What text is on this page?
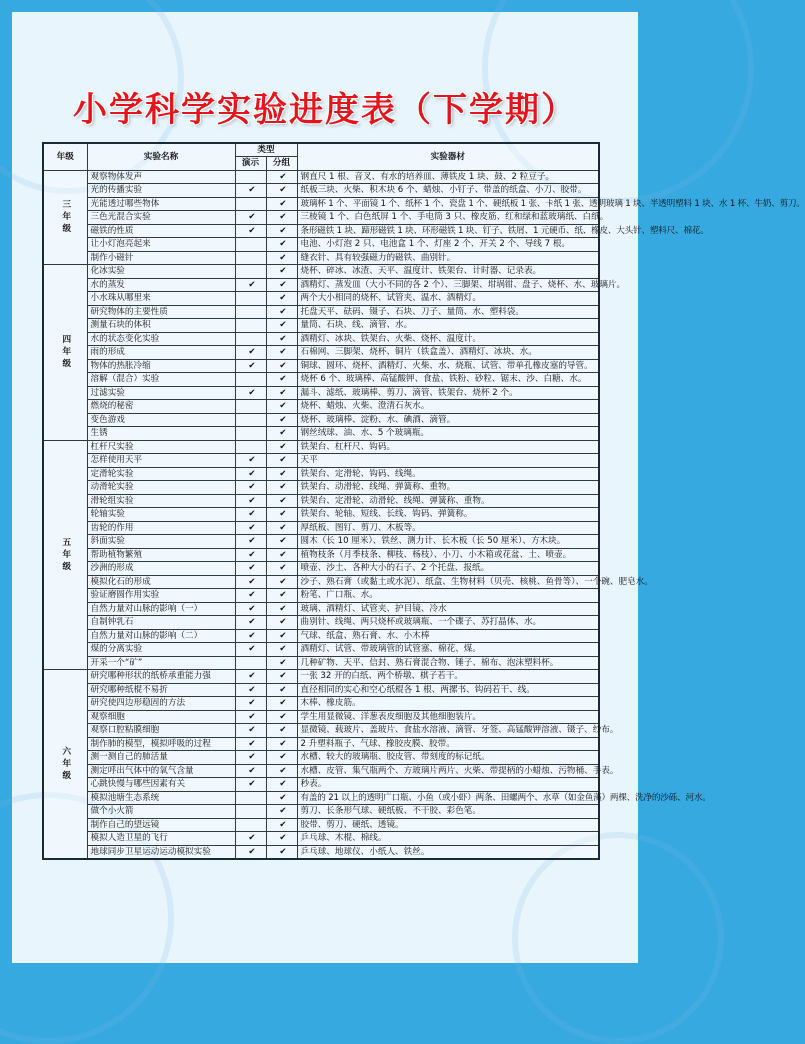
小学科学实验进度表（下学期）
年级	实验名称	类型		实验器材
		演示	分组	
三
年
级	观察物体发声		✔	钢直尺 1 根、音叉、有水的培养皿、薄铁皮 1 块、鼓、2 粒豆子。
	光的传播实验	✔	✔	纸板三块、火柴、积木块 6 个、蜡烛、小钉子、带盖的纸盒、小刀、胶带。
	光能透过哪些物体		✔	玻璃杯 1 个、平面镜 1 个、纸杯 1 个、瓷盘 1 个、硬纸板 1 张、卡纸 1 张、透明玻璃 1 块、半透明塑料 1 块、水 1 杯、牛奶、剪刀。
	三色光混合实验	✔	✔	三棱镜 1 个、白色纸屏 1 个、手电筒 3 只、橡皮筋、红和绿和蓝玻璃纸、白纸。
	磁铁的性质	✔	✔	条形磁铁 1 块、蹄形磁铁 1 块、环形磁铁 1 块、钉子、铁屑、1 元硬币、纸、橡皮、大头针、塑料尺、棉花。
	让小灯泡亮起来		✔	电池、小灯泡 2 只、电池盒 1 个、灯座 2 个、开关 2 个、导线 7 根。
	制作小磁针		✔	缝衣针、具有较强磁力的磁铁、曲别针。
四
年
级	化冰实验		✔	烧杯、碎冰、冰渣、天平、温度计、铁架台、计时器、记录表。
	水的蒸发	✔	✔	酒精灯、蒸发皿（大小不同的各 2 个）、三脚架、坩埚钳、盘子、烧杯、水、玻璃片。
	小水珠从哪里来		✔	两个大小相同的烧杯、试管夹、温水、酒精灯。
	研究物体的主要性质		✔	托盘天平、砝码、镊子、石块、刀子、量筒、水、塑料袋。
	测量石块的体积		✔	量筒、石块、线、滴管、水。
	水的状态变化实验		✔	酒精灯、冰块、铁架台、火柴、烧杯、温度计。
	雨的形成	✔	✔	石棉网、三脚架、烧杯、铜片（铁盒盖）、酒精灯、冰块、水。
	物体的热胀冷缩	✔	✔	铜球、圆环、烧杯、酒精灯、火柴、水、烧瓶、试管、带单孔橡皮塞的导管。
	溶解（混合）实验		✔	烧杯 6 个、玻璃棒、高锰酸钾、食盐、铁粉、砂粒、锯末、沙、白糖、水。
	过滤实验	✔	✔	漏斗、滤纸、玻璃棒、剪刀、滴管、铁架台、烧杯 2 个。
	燃烧的秘密		✔	烧杯、蜡烛、火柴、澄清石灰水。
	变色游戏		✔	烧杯、玻璃棒、淀粉、水、碘酒、滴管。
	生锈		✔	钢丝绒球、油、水、5 个玻璃瓶。
五
年
级	杠杆尺实验		✔	铁架台、杠杆尺、钩码。
	怎样使用天平	✔	✔	天平
	定滑轮实验	✔	✔	铁架台、定滑轮、钩码、线绳。
	动滑轮实验	✔	✔	铁架台、动滑轮、线绳、弹簧称、重物。
	滑轮组实验	✔	✔	铁架台、定滑轮、动滑轮、线绳、弹簧称、重物。
	轮轴实验	✔	✔	铁架台、轮轴、短线、长线、钩码、弹簧称。
	齿轮的作用	✔	✔	厚纸板、图钉、剪刀、木板等。
	斜面实验	✔	✔	圆木（长 10 厘米）、铁丝、测力计、长木板（长 50 厘米）、方木块。
	帮助植物繁殖	✔	✔	植物枝条（月季枝条、柳枝、杨枝）、小刀、小木箱或花盆、土、喷壶。
	沙洲的形成	✔	✔	喷壶、沙土、各种大小的石子、2 个托盘、报纸。
	模拟化石的形成	✔	✔	沙子、熟石膏（或黏土或水泥）、纸盒、生物材料（贝壳、核桃、鱼骨等）、一个碗、肥皂水。
	验证磨圆作用实验	✔	✔	粉笔、广口瓶、水。
	自然力量对山脉的影响（一）	✔	✔	玻璃、酒精灯、试管夹、护目镜、冷水
	自制钟乳石	✔	✔	曲别针、线绳、两只烧杯或玻璃瓶、一个碟子、苏打晶体、水。
	自然力量对山脉的影响（二）	✔	✔	气球、纸盒、熟石膏、水、小木棒
	煤的分离实验	✔	✔	酒精灯、试管、带玻璃管的试管塞、棉花、煤。
	开采一个“矿”		✔	几种矿物、天平、信封、熟石膏混合物、锤子、棉布、泡沫塑料杯。
六
年
级	研究哪种形状的纸桥承重能力强	✔	✔	一张 32 开的白纸、两个桥墩、棋子若干。
	研究哪种纸棍不易折	✔	✔	直径相同的实心和空心纸棍各 1 根、两摞书、钩码若干、线。
	研究使四边形稳固的方法	✔	✔	木棒、橡皮筋。
	观察细胞	✔	✔	学生用显微镜、洋葱表皮细胞及其他细胞装片。
	观察口腔粘膜细胞	✔	✔	显微镜、载玻片、盖玻片、食盐水溶液、滴管、牙签、高锰酸钾溶液、镊子、纱布。
	制作肺的模型，模拟呼吸的过程	✔	✔	2 升塑料瓶子、气球、橡胶皮膜、胶带。
	测一测自己的肺活量	✔	✔	水槽、较大的玻璃瓶、胶皮管、带刻度的标记纸。
	测定呼出气体中的氧气含量	✔	✔	水槽、皮管、集气瓶两个、方玻璃片两片、火柴、带提柄的小蜡烛、污物桶、手表。
	心跳快慢与哪些因素有关	✔	✔	秒表。
	模拟池塘生态系统		✔	有盖的 21 以上的透明广口瓶、小鱼（或小虾）两条、田螺两个、水草（如金鱼藻）两棵、洗净的沙砾、河水。
	做个小火箭		✔	剪刀、长条形气球、硬纸板、不干胶、彩色笔。
	制作自己的望远镜		✔	胶带、剪刀、硬纸、透镜。
	模拟人造卫星的飞行	✔	✔	乒乓球、木棍、棉线。
	地球同步卫星运动运动模拟实验	✔	✔	乒乓球、地球仪、小纸人、铁丝。
